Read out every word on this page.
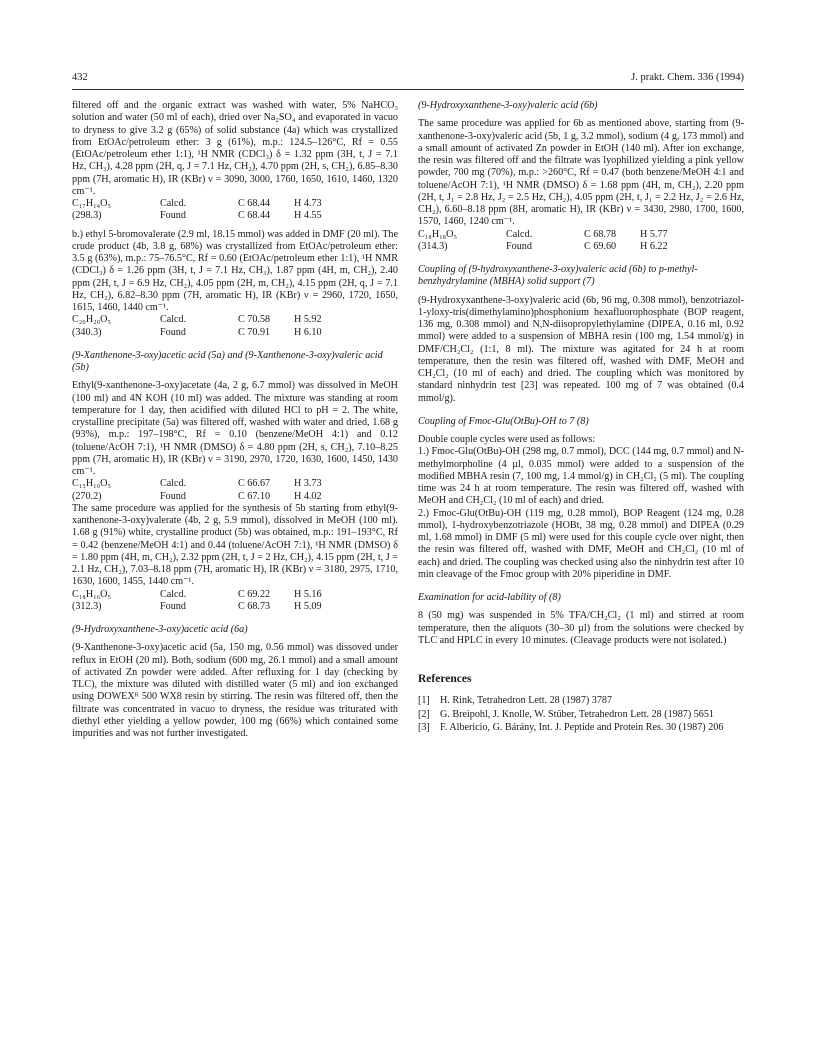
432	J. prakt. Chem. 336 (1994)

filtered off and the organic extract was washed with water, 5% NaHCO₃ solution and water (50 ml of each), dried over Na₂SO₄ and evaporated in vacuo to dryness to give 3.2 g (65%) of solid substance (4a) which was crystallized from EtOAc/petroleum ether: 3 g (61%), m.p.: 124.5–126°C, Rf = 0.55 (EtOAc/petroleum ether 1:1), ¹H NMR (CDCl₃) δ = 1.32 ppm (3H, t, J = 7.1 Hz, CH₃), 4.28 ppm (2H, q, J = 7.1 Hz, CH₂), 4.70 ppm (2H, s, CH₂), 6.85–8.30 ppm (7H, aromatic H), IR (KBr) ν = 3090, 3000, 1760, 1650, 1610, 1460, 1320 cm⁻¹.

C₁₇H₁₄O₅	Calcd.	C 68.44	H 4.73
(298.3)	Found	C 68.44	H 4.55

b.) ethyl 5-bromovalerate (2.9 ml, 18.15 mmol) was added in DMF (20 ml). The crude product (4b, 3.8 g, 68%) was crystallized from EtOAc/petroleum ether: 3.5 g (63%), m.p.: 75–76.5°C, Rf = 0.60 (EtOAc/petroleum ether 1:1), ¹H NMR (CDCl₃) δ = 1.26 ppm (3H, t, J = 7.1 Hz, CH₃), 1.87 ppm (4H, m, CH₂), 2.40 ppm (2H, t, J = 6.9 Hz, CH₂), 4.05 ppm (2H, m, CH₂), 4.15 ppm (2H, q, J = 7.1 Hz, CH₂), 6.82–8.30 ppm (7H, aromatic H), IR (KBr) ν = 2960, 1720, 1650, 1615, 1460, 1440 cm⁻¹.

C₂₀H₂₀O₅	Calcd.	C 70.58	H 5.92
(340.3)	Found	C 70.91	H 6.10

(9-Xanthenone-3-oxy)acetic acid (5a) and (9-Xanthenone-3-oxy)valeric acid (5b)

Ethyl(9-xanthenone-3-oxy)acetate (4a, 2 g, 6.7 mmol) was dissolved in MeOH (100 ml) and 4N KOH (10 ml) was added. The mixture was standing at room temperature for 1 day, then acidified with diluted HCl to pH = 2. The white, crystalline precipitate (5a) was filtered off, washed with water and dried, 1.68 g (93%), m.p.: 197–198°C, Rf = 0.10 (benzene/MeOH 4:1) and 0.12 (toluene/AcOH 7:1), ¹H NMR (DMSO) δ = 4.80 ppm (2H, s, CH₂), 7.10–8.25 ppm (7H, aromatic H), IR (KBr) ν = 3190, 2970, 1720, 1630, 1600, 1450, 1430 cm⁻¹.

C₁₅H₁₀O₅	Calcd.	C 66.67	H 3.73
(270.2)	Found	C 67.10	H 4.02

The same procedure was applied for the synthesis of 5b starting from ethyl(9-xanthenone-3-oxy)valerate (4b, 2 g, 5.9 mmol), dissolved in MeOH (100 ml). 1.68 g (91%) white, crystalline product (5b) was obtained, m.p.: 191–193°C, Rf = 0.42 (benzene/MeOH 4:1) and 0.44 (toluene/AcOH 7:1), ¹H NMR (DMSO) δ = 1.80 ppm (4H, m, CH₂), 2.32 ppm (2H, t, J = 2 Hz, CH₂), 4.15 ppm (2H, t, J = 2.1 Hz, CH₂), 7.03–8.18 ppm (7H, aromatic H), IR (KBr) ν = 3180, 2975, 1710, 1630, 1600, 1455, 1440 cm⁻¹.

C₁₈H₁₆O₅	Calcd.	C 69.22	H 5.16
(312.3)	Found	C 68.73	H 5.09

(9-Hydroxyxanthene-3-oxy)acetic acid (6a)

(9-Xanthenone-3-oxy)acetic acid (5a, 150 mg, 0.56 mmol) was dissoved under reflux in EtOH (20 ml). Both, sodium (600 mg, 26.1 mmol) and a small amount of activated Zn powder were added. After refluxing for 1 day (checking by TLC), the mixture was diluted with distilled water (5 ml) and ion exchanged using DOWEXᴿ 500 WX8 resin by stirring. The resin was filtered off, then the filtrate was concentrated in vacuo to dryness, the residue was triturated with diethyl ether yielding a yellow powder, 100 mg (66%) which contained some impurities and was not further investigated.

(9-Hydroxyxanthene-3-oxy)valeric acid (6b)

The same procedure was applied for 6b as mentioned above, starting from (9-xanthenone-3-oxy)valeric acid (5b, 1 g, 3.2 mmol), sodium (4 g, 173 mmol) and a small amount of activated Zn powder in EtOH (140 ml). After ion exchange, the resin was filtered off and the filtrate was lyophilized yielding a pink yellow powder, 700 mg (70%), m.p.: >260°C, Rf = 0.47 (both benzene/MeOH 4:1 and toluene/AcOH 7:1), ¹H NMR (DMSO) δ = 1.68 ppm (4H, m, CH₂), 2.20 ppm (2H, t, J₁ = 2.8 Hz, J₂ = 2.5 Hz, CH₂), 4.05 ppm (2H, t, J₁ = 2.2 Hz, J₂ = 2.6 Hz, CH₂), 6.60–8.18 ppm (8H, aromatic H), IR (KBr) ν = 3430, 2980, 1700, 1600, 1570, 1460, 1240 cm⁻¹.

C₁₈H₁₈O₅	Calcd.	C 68.78	H 5.77
(314.3)	Found	C 69.60	H 6.22

Coupling of (9-hydroxyxanthene-3-oxy)valeric acid (6b) to p-methyl-benzhydrylamine (MBHA) solid support (7)

(9-Hydroxyxanthene-3-oxy)valeric acid (6b, 96 mg, 0.308 mmol), benzotriazol-1-yloxy-tris(dimethylamino)phosphonium hexafluorophosphate (BOP reagent, 136 mg, 0.308 mmol) and N,N-diisopropylethylamine (DIPEA, 0.16 ml, 0.92 mmol) were added to a suspension of MBHA resin (100 mg, 1.54 mmol/g) in DMF/CH₂Cl₂ (1:1, 8 ml). The mixture was agitated for 24 h at room temperature, then the resin was filtered off, washed with DMF, MeOH and CH₂Cl₂ (10 ml of each) and dried. The coupling which was monitored by standard ninhydrin test [23] was repeated. 100 mg of 7 was obtained (0.4 mmol/g).

Coupling of Fmoc-Glu(OtBu)-OH to 7 (8)

Double couple cycles were used as follows:

1.) Fmoc-Glu(OtBu)-OH (298 mg, 0.7 mmol), DCC (144 mg, 0.7 mmol) and N-methylmorpholine (4 µl, 0.035 mmol) were added to a suspension of the modified MBHA resin (7, 100 mg, 1.4 mmol/g) in CH₂Cl₂ (5 ml). The coupling time was 24 h at room temperature. The resin was filtered off, washed with MeOH and CH₂Cl₂ (10 ml of each) and dried.

2.) Fmoc-Glu(OtBu)-OH (119 mg, 0.28 mmol), BOP Reagent (124 mg, 0.28 mmol), 1-hydroxybenzotriazole (HOBt, 38 mg, 0.28 mmol) and DIPEA (0.29 ml, 1.68 mmol) in DMF (5 ml) were used for this couple cycle over night, then the resin was filtered off, washed with DMF, MeOH and CH₂Cl₂ (10 ml of each) and dried. The coupling was checked using also the ninhydrin test after 10 min cleavage of the Fmoc group with 20% piperidine in DMF.

Examination for acid-lability of (8)

8 (50 mg) was suspended in 5% TFA/CH₂Cl₂ (1 ml) and stirred at room temperature, then the aliquots (30–30 µl) from the solutions were checked by TLC and HPLC in every 10 minutes. (Cleavage products were not isolated.)

References

[1]	H. Rink, Tetrahedron Lett. 28 (1987) 3787
[2]	G. Breipohl, J. Knolle, W. Stüber, Tetrahedron Lett. 28 (1987) 5651
[3]	F. Albericio, G. Bárány, Int. J. Peptide and Protein Res. 30 (1987) 206
